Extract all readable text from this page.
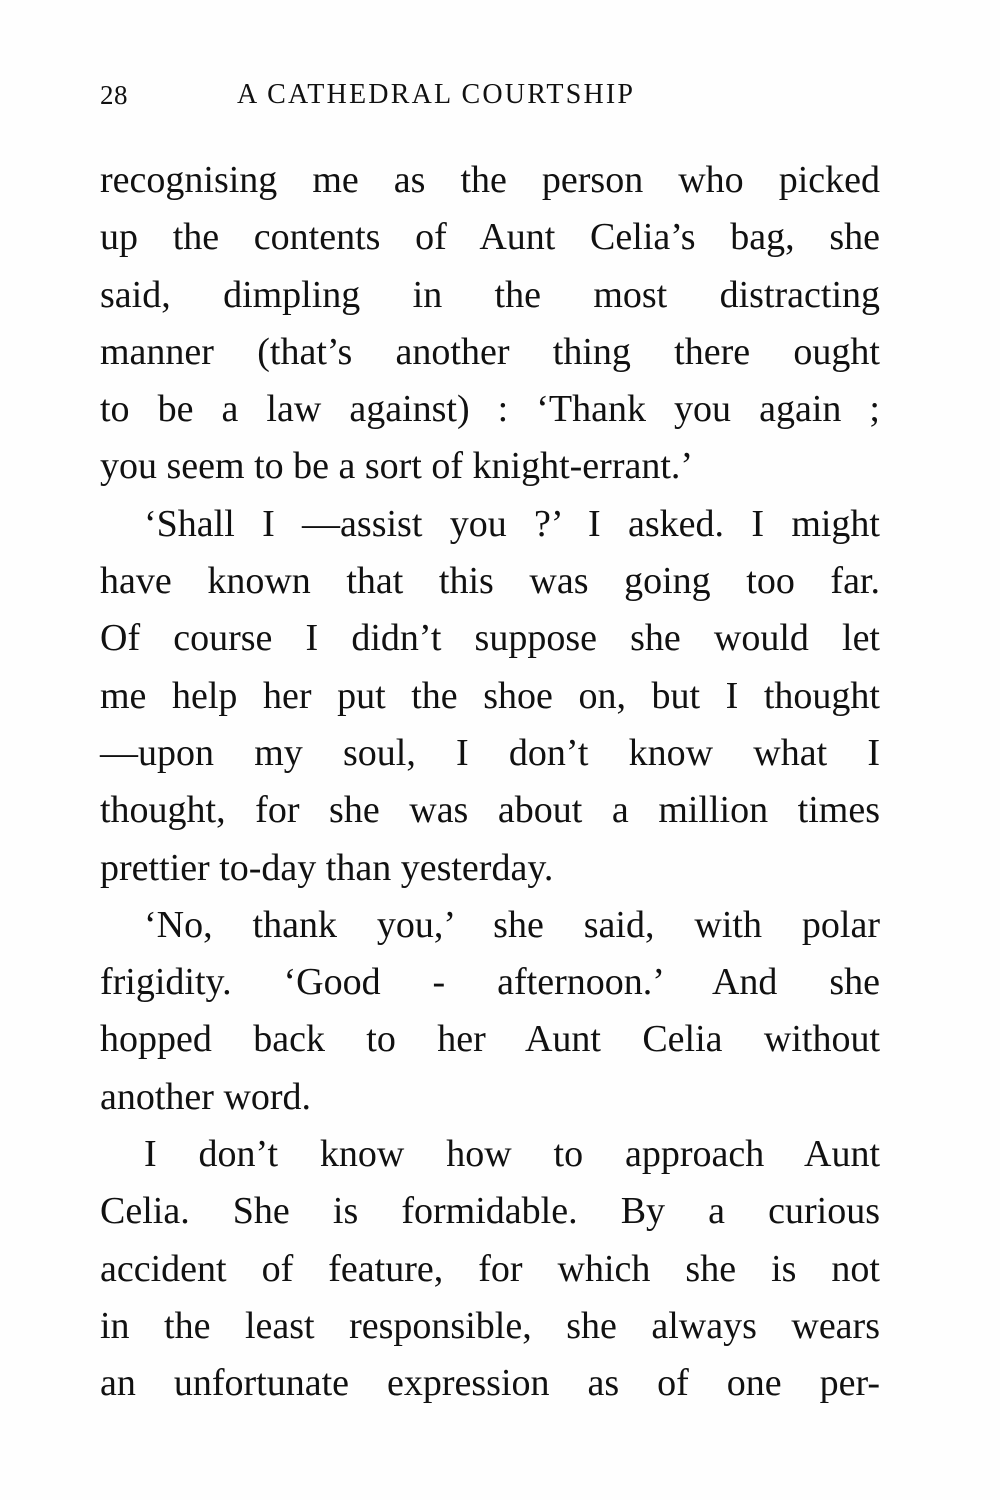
28	A CATHEDRAL COURTSHIP
recognising me as the person who picked
up the contents of Aunt Celia’s bag, she
said, dimpling in the most distracting
manner (that’s another thing there ought
to be a law against) : ‘Thank you again ;
you seem to be a sort of knight-errant.’
‘Shall I —assist you ?’ I asked. I might
have known that this was going too far.
Of course I didn’t suppose she would let
me help her put the shoe on, but I thought
—upon my soul, I don’t know what I
thought, for she was about a million times
prettier to-day than yesterday.
‘No, thank you,’ she said, with polar
frigidity. ‘Good - afternoon.’ And she
hopped back to her Aunt Celia without
another word.
I don’t know how to approach Aunt
Celia. She is formidable. By a curious
accident of feature, for which she is not
in the least responsible, she always wears
an unfortunate expression as of one per-
